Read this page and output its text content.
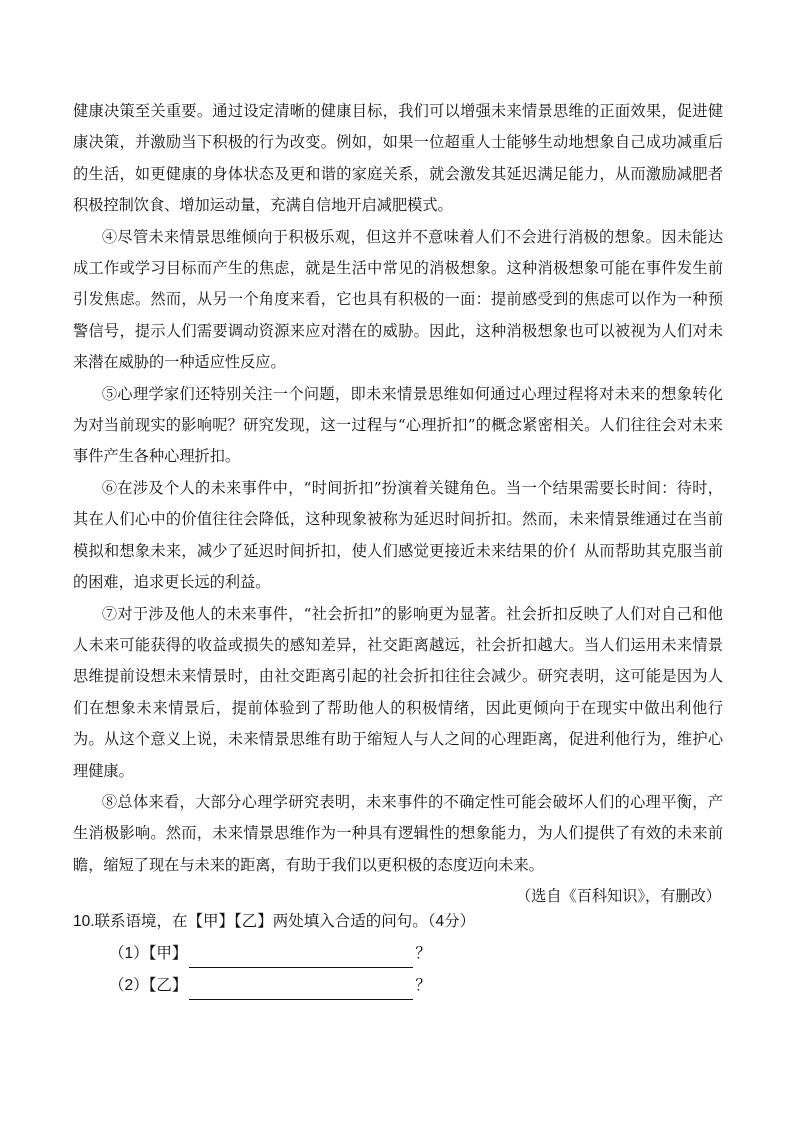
健康决策至关重要。通过设定清晰的健康目标，我们可以增强未来情景思维的正面效果，促进健康决策，并激励当下积极的行为改变。例如，如果一位超重人士能够生动地想象自己成功减重后的生活，如更健康的身体状态及更和谐的家庭关系，就会激发其延迟满足能力，从而激励减肥者积极控制饮食、增加运动量，充满自信地开启减肥模式。

④尽管未来情景思维倾向于积极乐观，但这并不意味着人们不会进行消极的想象。因未能达成工作或学习目标而产生的焦虑，就是生活中常见的消极想象。这种消极想象可能在事件发生前引发焦虑。然而，从另一个角度来看，它也具有积极的一面：提前感受到的焦虑可以作为一种预警信号，提示人们需要调动资源来应对潜在的威胁。因此，这种消极想象也可以被视为人们对未来潜在威胁的一种适应性反应。

⑤心理学家们还特别关注一个问题，即未来情景思维如何通过心理过程将对未来的想象转化为对当前现实的影响呢？研究发现，这一过程与“心理折扣”的概念紧密相关。人们往往会对未来事件产生各种心理折扣。

⑥在涉及个人的未来事件中，“时间折扣”扮演着关键角色。当一个结果需要长时间：待时，其在人们心中的价值往往会降低，这种现象被称为延迟时间折扣。然而，未来情景维通过在当前模拟和想象未来，减少了延迟时间折扣，使人们感觉更接近未来结果的价亻从而帮助其克服当前的困难，追求更长远的利益。

⑦对于涉及他人的未来事件，“社会折扣”的影响更为显著。社会折扣反映了人们对自己和他人未来可能获得的收益或损失的感知差异，社交距离越远，社会折扣越大。当人们运用未来情景思维提前设想未来情景时，由社交距离引起的社会折扣往往会减少。研究表明，这可能是因为人们在想象未来情景后，提前体验到了帮助他人的积极情绪，因此更倾向于在现实中做出利他行为。从这个意义上说，未来情景思维有助于缩短人与人之间的心理距离，促进利他行为，维护心理健康。

⑧总体来看，大部分心理学研究表明，未来事件的不确定性可能会破坏人们的心理平衡，产生消极影响。然而，未来情景思维作为一种具有逻辑性的想象能力，为人们提供了有效的未来前瞻，缩短了现在与未来的距离，有助于我们以更积极的态度迈向未来。

（选自《百科知识》，有删改）

10.联系语境，在【甲】【乙】两处填入合适的问句。（4分）

（1）【甲】	？
（2）【乙】	？
